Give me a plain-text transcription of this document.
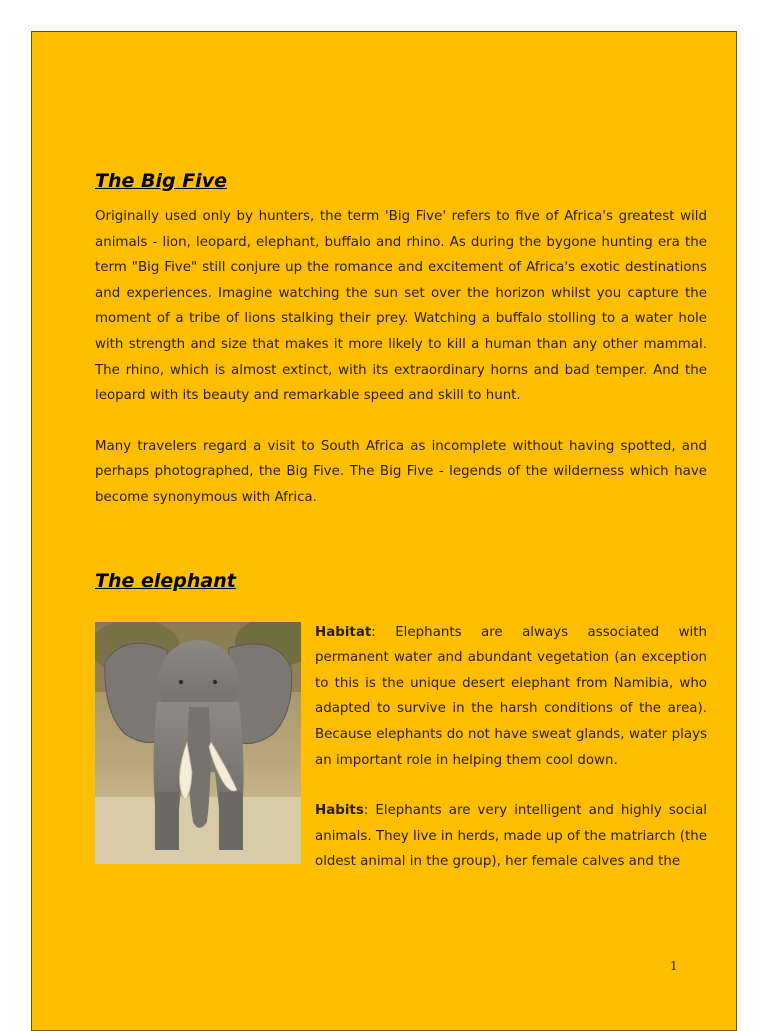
The Big Five

Originally used only by hunters, the term 'Big Five' refers to five of Africa's greatest wild animals - lion, leopard, elephant, buffalo and rhino. As during the bygone hunting era the term "Big Five" still conjure up the romance and excitement of Africa's exotic destinations and experiences. Imagine watching the sun set over the horizon whilst you capture the moment of a tribe of lions stalking their prey. Watching a buffalo stolling to a water hole with strength and size that makes it more likely to kill a human than any other mammal. The rhino, which is almost extinct, with its extraordinary horns and bad temper. And the leopard with its beauty and remarkable speed and skill to hunt.

Many travelers regard a visit to South Africa as incomplete without having spotted, and perhaps photographed, the Big Five. The Big Five - legends of the wilderness which have become synonymous with Africa.

The elephant

Habitat: Elephants are always associated with permanent water and abundant vegetation (an exception to this is the unique desert elephant from Namibia, who adapted to survive in the harsh conditions of the area). Because elephants do not have sweat glands, water plays an important role in helping them cool down.

Habits: Elephants are very intelligent and highly social animals. They live in herds, made up of the matriarch (the oldest animal in the group), her female calves and the

1
